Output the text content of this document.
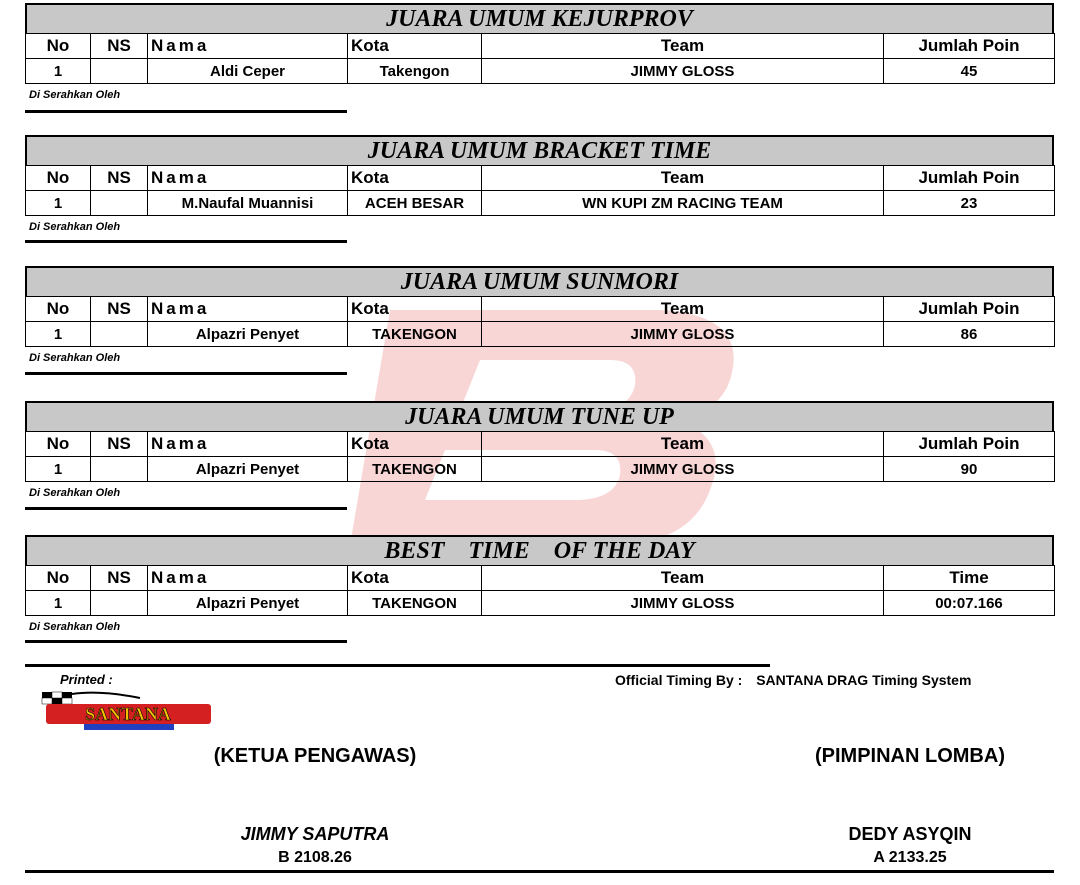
JUARA UMUM KEJURPROV
No	NS	Nama	Kota	Team	Jumlah Poin
1		Aldi Ceper	Takengon	JIMMY GLOSS	45
Di Serahkan Oleh
JUARA UMUM BRACKET TIME
No	NS	Nama	Kota	Team	Jumlah Poin
1		M.Naufal Muannisi	ACEH BESAR	WN KUPI ZM RACING TEAM	23
Di Serahkan Oleh
JUARA UMUM SUNMORI
No	NS	Nama	Kota	Team	Jumlah Poin
1		Alpazri Penyet	TAKENGON	JIMMY GLOSS	86
Di Serahkan Oleh
JUARA UMUM TUNE UP
No	NS	Nama	Kota	Team	Jumlah Poin
1		Alpazri Penyet	TAKENGON	JIMMY GLOSS	90
Di Serahkan Oleh
BEST    TIME    OF THE DAY
No	NS	Nama	Kota	Team	Time
1		Alpazri Penyet	TAKENGON	JIMMY GLOSS	00:07.166
Di Serahkan Oleh
Printed :
SANTANA
Official Timing By : SANTANA DRAG Timing System
(KETUA PENGAWAS)
JIMMY SAPUTRA
B 2108.26
(PIMPINAN LOMBA)
DEDY ASYQIN
A 2133.25
